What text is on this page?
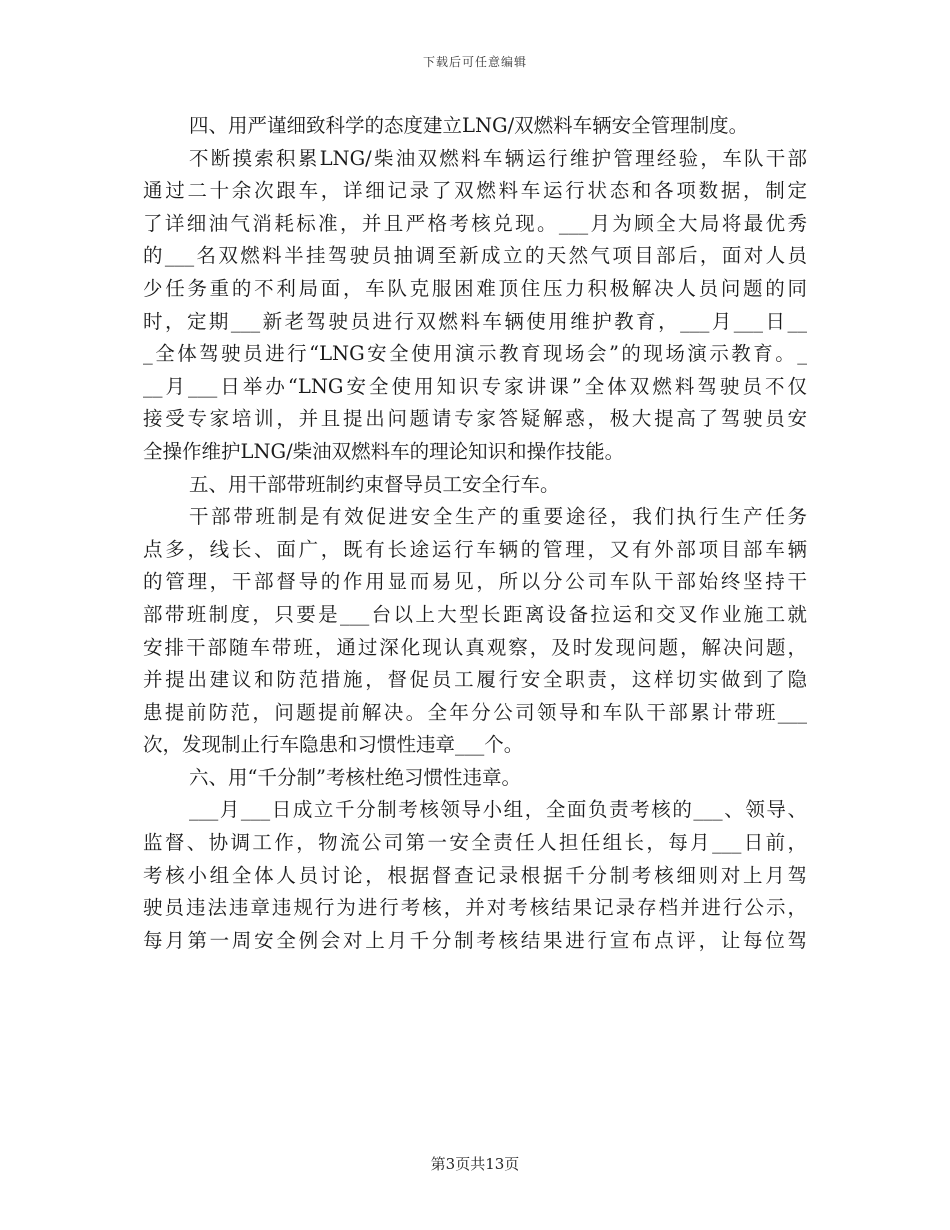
下载后可任意编辑
四、用严谨细致科学的态度建立LNG/双燃料车辆安全管理制度。
不断摸索积累LNG/柴油双燃料车辆运行维护管理经验，车队干部
通过二十余次跟车，详细记录了双燃料车运行状态和各项数据，制定
了详细油气消耗标准，并且严格考核兑现。___月为顾全大局将最优秀
的___名双燃料半挂驾驶员抽调至新成立的天然气项目部后，面对人员
少任务重的不利局面，车队克服困难顶住压力积极解决人员问题的同
时，定期___新老驾驶员进行双燃料车辆使用维护教育，___月___日__
_全体驾驶员进行“LNG安全使用演示教育现场会”的现场演示教育。_
__月___日举办“LNG安全使用知识专家讲课”全体双燃料驾驶员不仅
接受专家培训，并且提出问题请专家答疑解惑，极大提高了驾驶员安
全操作维护LNG/柴油双燃料车的理论知识和操作技能。
五、用干部带班制约束督导员工安全行车。
干部带班制是有效促进安全生产的重要途径，我们执行生产任务
点多，线长、面广，既有长途运行车辆的管理，又有外部项目部车辆
的管理，干部督导的作用显而易见，所以分公司车队干部始终坚持干
部带班制度，只要是___台以上大型长距离设备拉运和交叉作业施工就
安排干部随车带班，通过深化现认真观察，及时发现问题，解决问题，
并提出建议和防范措施，督促员工履行安全职责，这样切实做到了隐
患提前防范，问题提前解决。全年分公司领导和车队干部累计带班___
次，发现制止行车隐患和习惯性违章___个。
六、用“千分制”考核杜绝习惯性违章。
___月___日成立千分制考核领导小组，全面负责考核的___、领导、
监督、协调工作，物流公司第一安全责任人担任组长，每月___日前，
考核小组全体人员讨论，根据督查记录根据千分制考核细则对上月驾
驶员违法违章违规行为进行考核，并对考核结果记录存档并进行公示，
每月第一周安全例会对上月千分制考核结果进行宣布点评，让每位驾
第3页共13页
